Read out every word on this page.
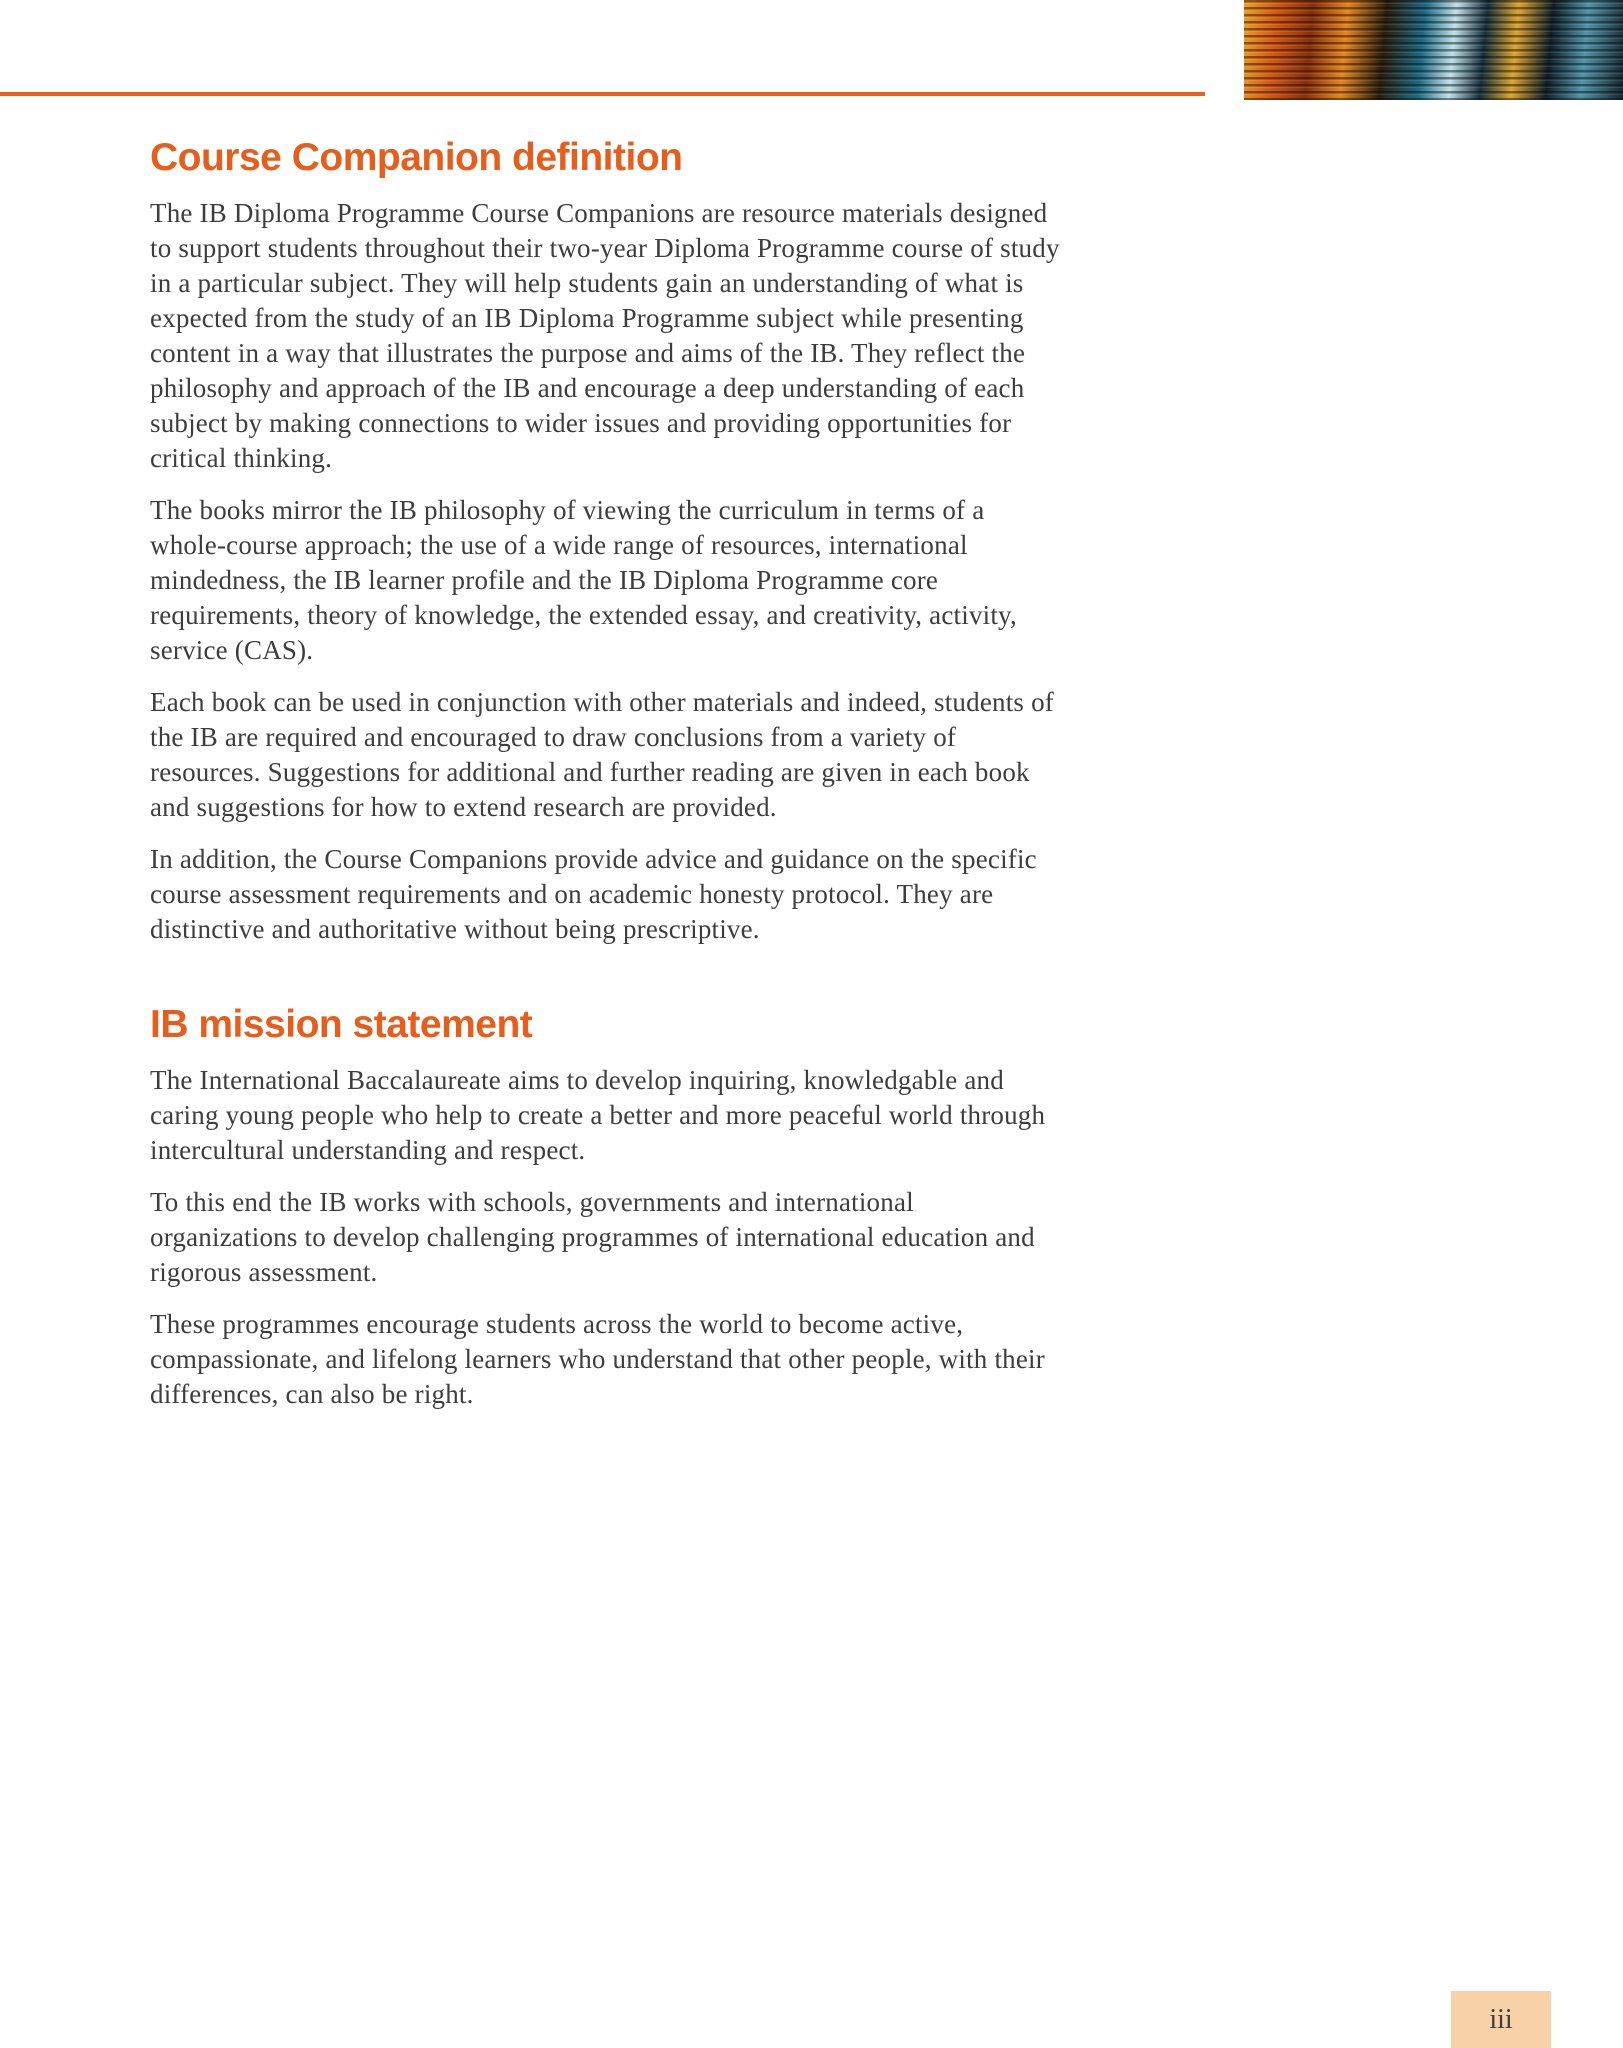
Course Companion definition

The IB Diploma Programme Course Companions are resource materials designed to support students throughout their two-year Diploma Programme course of study in a particular subject. They will help students gain an understanding of what is expected from the study of an IB Diploma Programme subject while presenting content in a way that illustrates the purpose and aims of the IB. They reflect the philosophy and approach of the IB and encourage a deep understanding of each subject by making connections to wider issues and providing opportunities for critical thinking.

The books mirror the IB philosophy of viewing the curriculum in terms of a whole-course approach; the use of a wide range of resources, international mindedness, the IB learner profile and the IB Diploma Programme core requirements, theory of knowledge, the extended essay, and creativity, activity, service (CAS).

Each book can be used in conjunction with other materials and indeed, students of the IB are required and encouraged to draw conclusions from a variety of resources. Suggestions for additional and further reading are given in each book and suggestions for how to extend research are provided.

In addition, the Course Companions provide advice and guidance on the specific course assessment requirements and on academic honesty protocol. They are distinctive and authoritative without being prescriptive.

IB mission statement

The International Baccalaureate aims to develop inquiring, knowledgable and caring young people who help to create a better and more peaceful world through intercultural understanding and respect.

To this end the IB works with schools, governments and international organizations to develop challenging programmes of international education and rigorous assessment.

These programmes encourage students across the world to become active, compassionate, and lifelong learners who understand that other people, with their differences, can also be right.

iii
